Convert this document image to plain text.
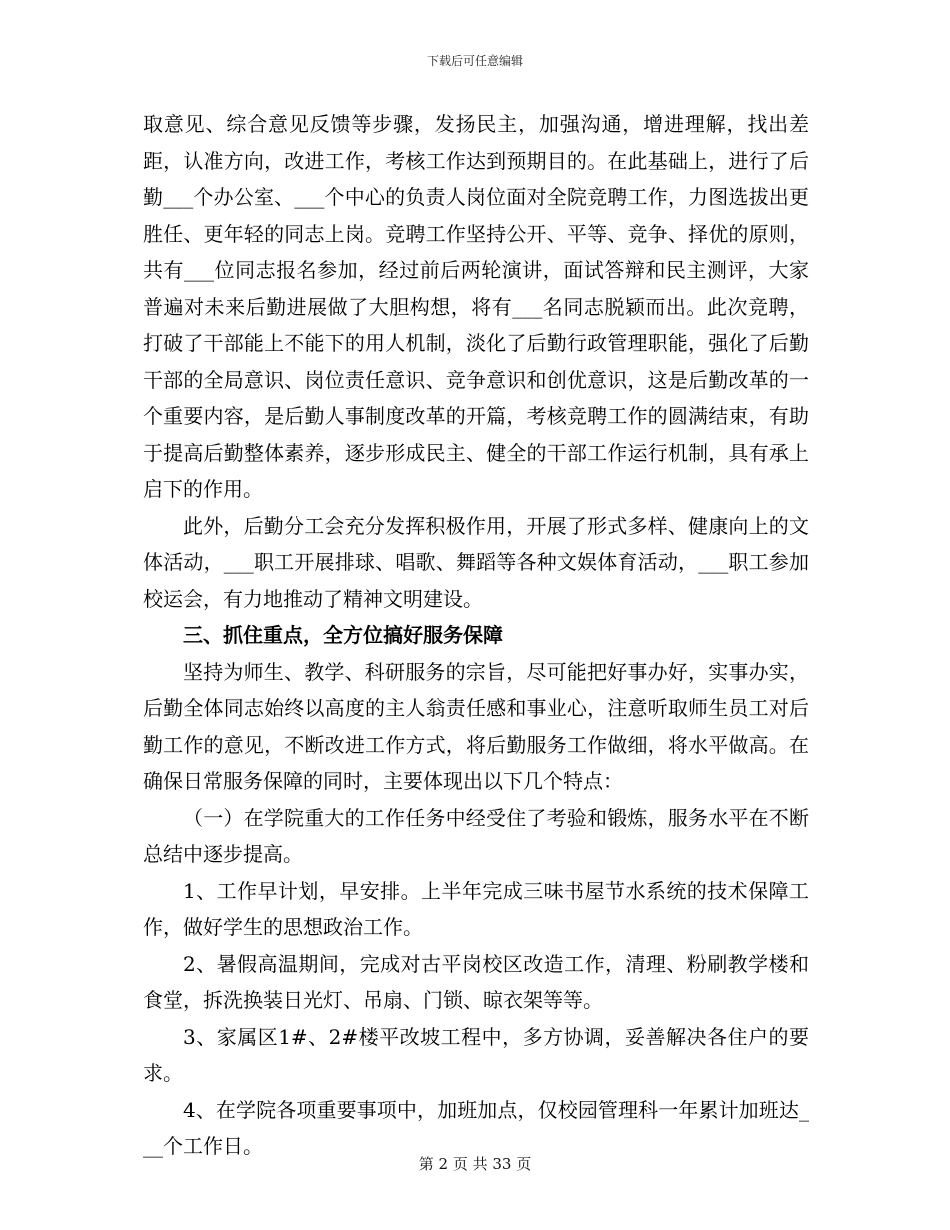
下载后可任意编辑

取意见、综合意见反馈等步骤，发扬民主，加强沟通，增进理解，找出差距，认准方向，改进工作，考核工作达到预期目的。在此基础上，进行了后勤___个办公室、___个中心的负责人岗位面对全院竞聘工作，力图选拔出更胜任、更年轻的同志上岗。竞聘工作坚持公开、平等、竞争、择优的原则，共有___位同志报名参加，经过前后两轮演讲，面试答辩和民主测评，大家普遍对未来后勤进展做了大胆构想，将有___名同志脱颖而出。此次竞聘，打破了干部能上不能下的用人机制，淡化了后勤行政管理职能，强化了后勤干部的全局意识、岗位责任意识、竞争意识和创优意识，这是后勤改革的一个重要内容，是后勤人事制度改革的开篇，考核竞聘工作的圆满结束，有助于提高后勤整体素养，逐步形成民主、健全的干部工作运行机制，具有承上启下的作用。

此外，后勤分工会充分发挥积极作用，开展了形式多样、健康向上的文体活动，___职工开展排球、唱歌、舞蹈等各种文娱体育活动，___职工参加校运会，有力地推动了精神文明建设。

三、抓住重点，全方位搞好服务保障

坚持为师生、教学、科研服务的宗旨，尽可能把好事办好，实事办实，后勤全体同志始终以高度的主人翁责任感和事业心，注意听取师生员工对后勤工作的意见，不断改进工作方式，将后勤服务工作做细，将水平做高。在确保日常服务保障的同时，主要体现出以下几个特点：

（一）在学院重大的工作任务中经受住了考验和锻炼，服务水平在不断总结中逐步提高。

1、工作早计划，早安排。上半年完成三味书屋节水系统的技术保障工作，做好学生的思想政治工作。

2、暑假高温期间，完成对古平岗校区改造工作，清理、粉刷教学楼和食堂，拆洗换装日光灯、吊扇、门锁、晾衣架等等。

3、家属区1#、2#楼平改坡工程中，多方协调，妥善解决各住户的要求。

4、在学院各项重要事项中，加班加点，仅校园管理科一年累计加班达___个工作日。

第 2 页 共 33 页
